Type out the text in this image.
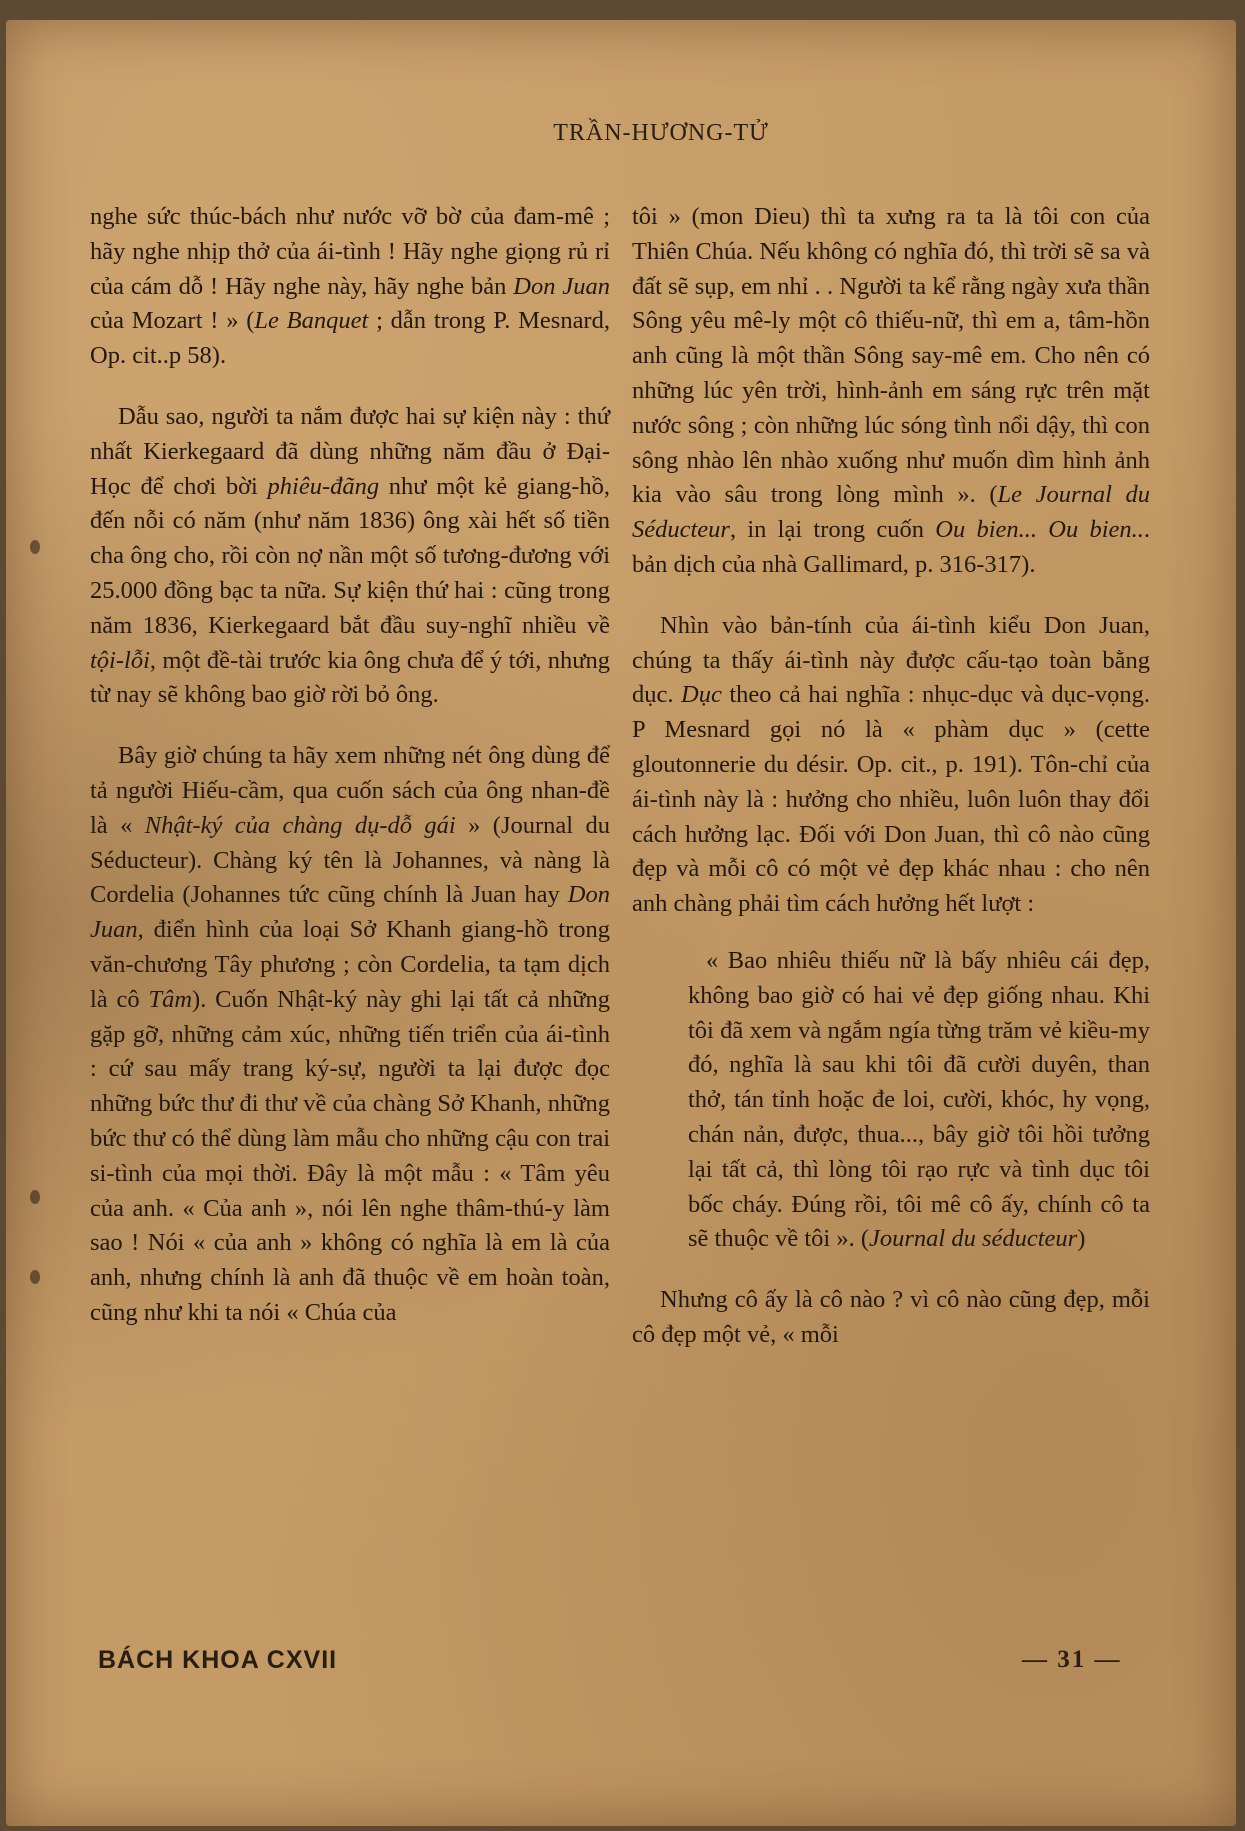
TRẦN-HƯƠNG-TỬ

nghe sức thúc-bách như nước vỡ bờ của đam-mê ; hãy nghe nhịp thở của ái-tình ! Hãy nghe giọng rủ rỉ của cám dỗ ! Hãy nghe này, hãy nghe bản Don Juan của Mozart ! » (Le Banquet ; dẫn trong P. Mesnard, Op. cit..p 58).

Dẫu sao, người ta nắm được hai sự kiện này : thứ nhất Kierkegaard đã dùng những năm đầu ở Đại-Học để chơi bời phiêu-đãng như một kẻ giang-hồ, đến nỗi có năm (như năm 1836) ông xài hết số tiền cha ông cho, rồi còn nợ nần một số tương-đương với 25.000 đồng bạc ta nữa. Sự kiện thứ hai : cũng trong năm 1836, Kierkegaard bắt đầu suy-nghĩ nhiều về tội-lỗi, một đề-tài trước kia ông chưa để ý tới, nhưng từ nay sẽ không bao giờ rời bỏ ông.

Bây giờ chúng ta hãy xem những nét ông dùng để tả người Hiếu-cầm, qua cuốn sách của ông nhan-đề là « Nhật-ký của chàng dụ-dỗ gái » (Journal du Séducteur). Chàng ký tên là Johannes, và nàng là Cordelia (Johannes tức cũng chính là Juan hay Don Juan, điển hình của loại Sở Khanh giang-hồ trong văn-chương Tây phương ; còn Cordelia, ta tạm dịch là cô Tâm). Cuốn Nhật-ký này ghi lại tất cả những gặp gỡ, những cảm xúc, những tiến triển của ái-tình : cứ sau mấy trang ký-sự, người ta lại được đọc những bức thư đi thư về của chàng Sở Khanh, những bức thư có thể dùng làm mẫu cho những cậu con trai si-tình của mọi thời. Đây là một mẫu : « Tâm yêu của anh. « Của anh », nói lên nghe thâm-thú-y làm sao ! Nói « của anh » không có nghĩa là em là của anh, nhưng chính là anh đã thuộc về em hoàn toàn, cũng như khi ta nói « Chúa của

tôi » (mon Dieu) thì ta xưng ra ta là tôi con của Thiên Chúa. Nếu không có nghĩa đó, thì trời sẽ sa và đất sẽ sụp, em nhỉ . . Người ta kể rằng ngày xưa thần Sông yêu mê-ly một cô thiếu-nữ, thì em a, tâm-hồn anh cũng là một thần Sông say-mê em. Cho nên có những lúc yên trời, hình-ảnh em sáng rực trên mặt nước sông ; còn những lúc sóng tình nổi dậy, thì con sông nhào lên nhào xuống như muốn dìm hình ảnh kia vào sâu trong lòng mình ». (Le Journal du Séducteur, in lại trong cuốn Ou bien... Ou bien... bản dịch của nhà Gallimard, p. 316-317).

Nhìn vào bản-tính của ái-tình kiểu Don Juan, chúng ta thấy ái-tình này được cấu-tạo toàn bằng dục. Dục theo cả hai nghĩa : nhục-dục và dục-vọng. P Mesnard gọi nó là « phàm dục » (cette gloutonnerie du désir. Op. cit., p. 191). Tôn-chỉ của ái-tình này là : hưởng cho nhiều, luôn luôn thay đổi cách hưởng lạc. Đối với Don Juan, thì cô nào cũng đẹp và mỗi cô có một vẻ đẹp khác nhau : cho nên anh chàng phải tìm cách hưởng hết lượt :

« Bao nhiêu thiếu nữ là bấy nhiêu cái đẹp, không bao giờ có hai vẻ đẹp giống nhau. Khi tôi đã xem và ngắm ngía từng trăm vẻ kiều-my đó, nghĩa là sau khi tôi đã cười duyên, than thở, tán tỉnh hoặc đe loi, cười, khóc, hy vọng, chán nản, được, thua..., bây giờ tôi hồi tưởng lại tất cả, thì lòng tôi rạo rực và tình dục tôi bốc cháy. Đúng rồi, tôi mê cô ấy, chính cô ta sẽ thuộc về tôi ». (Journal du séducteur)

Nhưng cô ấy là cô nào ? vì cô nào cũng đẹp, mỗi cô đẹp một vẻ, « mỗi

BÁCH KHOA CXVII	— 31 —
